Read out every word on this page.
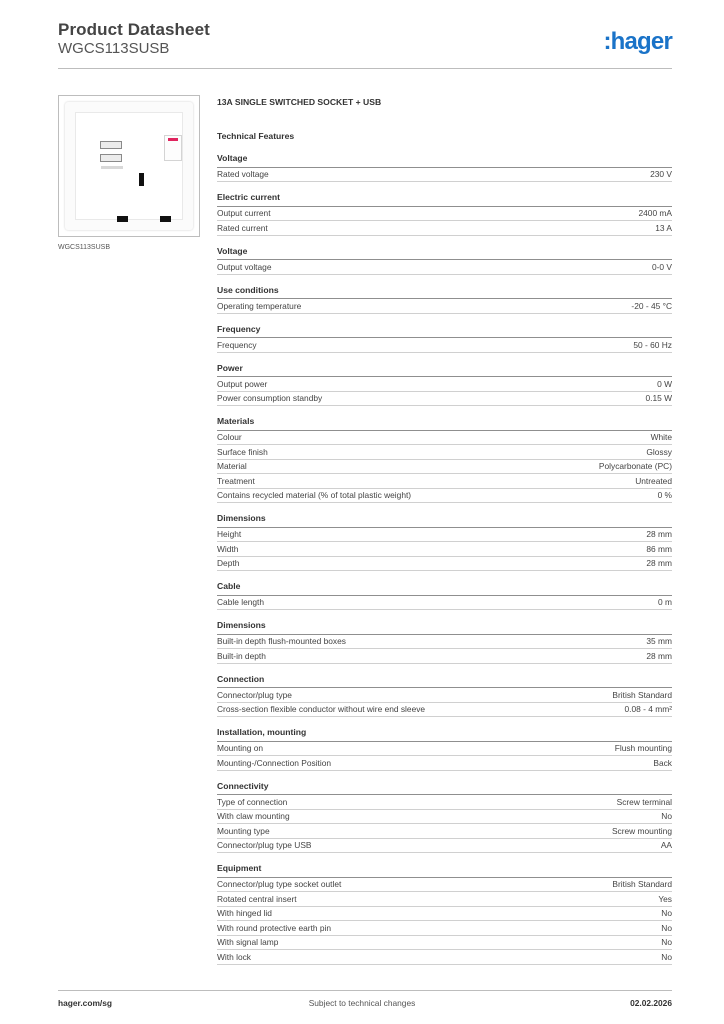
Product Datasheet
WGCS113SUSB	:hager
WGCS113SUSB
13A SINGLE SWITCHED SOCKET + USB
Technical Features
Voltage
Rated voltage	230 V
Electric current
Output current	2400 mA
Rated current	13 A
Voltage
Output voltage	0-0 V
Use conditions
Operating temperature	-20 - 45 °C
Frequency
Frequency	50 - 60 Hz
Power
Output power	0 W
Power consumption standby	0.15 W
Materials
Colour	White
Surface finish	Glossy
Material	Polycarbonate (PC)
Treatment	Untreated
Contains recycled material (% of total plastic weight)	0 %
Dimensions
Height	28 mm
Width	86 mm
Depth	28 mm
Cable
Cable length	0 m
Dimensions
Built-in depth flush-mounted boxes	35 mm
Built-in depth	28 mm
Connection
Connector/plug type	British Standard
Cross-section flexible conductor without wire end sleeve	0.08 - 4 mm²
Installation, mounting
Mounting on	Flush mounting
Mounting-/Connection Position	Back
Connectivity
Type of connection	Screw terminal
With claw mounting	No
Mounting type	Screw mounting
Connector/plug type USB	AA
Equipment
Connector/plug type socket outlet	British Standard
Rotated central insert	Yes
With hinged lid	No
With round protective earth pin	No
With signal lamp	No
With lock	No
hager.com/sg	Subject to technical changes	02.02.2026
